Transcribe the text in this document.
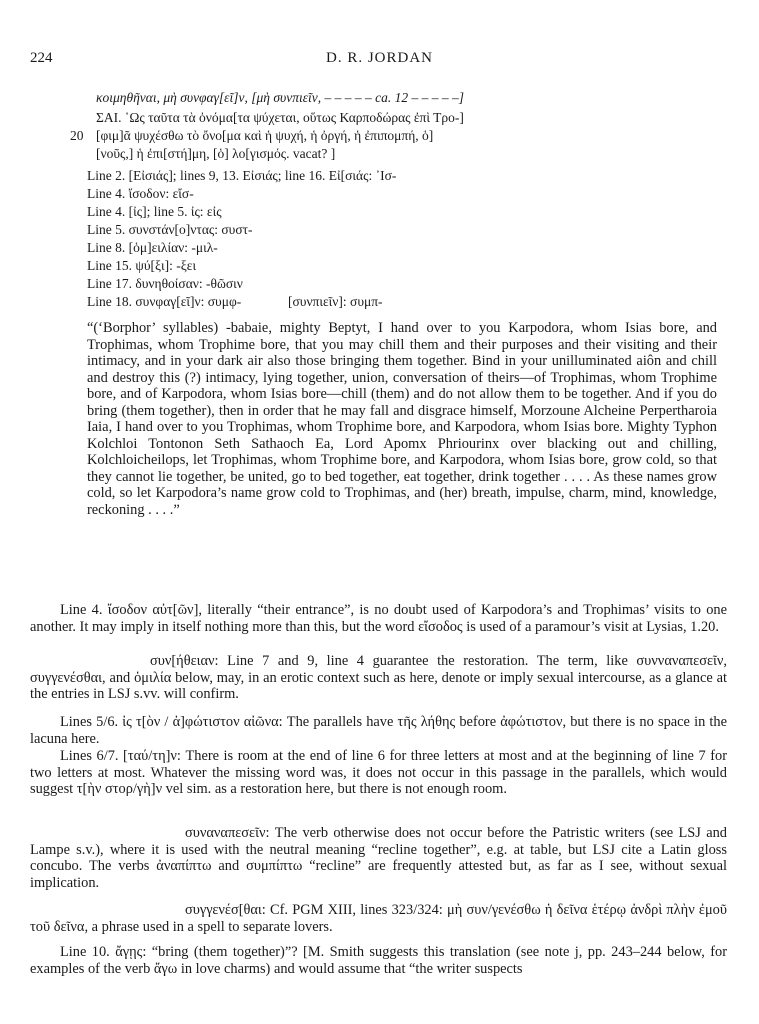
224	D. R. JORDAN
κοιμηθῆναι, μὴ συνφαγ[εῖ]ν, [μὴ συνπιεῖν, – – – – – ca. 12 – – – – –]
ΣΑΙ. ῾Ως ταῦτα τὰ ὀνόμα[τα ψύχεται, οὕτως Καρποδώρας ἐπὶ Τρο-]
20 [φιμ]ᾶ ψυχέσθω τὸ ὄνο[μα καὶ ἡ ψυχή, ἡ ὀργή, ἡ ἐπιπομπή, ὁ]
[νοῦς,] ἡ ἐπι[στή]μη, [ὁ] λο[γισμός. vacat? ]
Line 2. [Εἰσιάς]; lines 9, 13. Εἰσιάς; line 16. Εἰ[σιάς: ᾿Ισ-
Line 4. ἴσοδον: εἴσ-
Line 4. [ἰς]; line 5. ἰς: εἰς
Line 5. συνστάν[ο]ντας: συστ-
Line 8. [ὁμ]ειλίαν: -μιλ-
Line 15. ψύ[ξι]: -ξει
Line 17. δυνηθοίσαν: -θῶσιν
Line 18. συνφαγ[εῖ]ν: συμφ-	[συνπιεῖν]: συμπ-

“(‘Borphor’ syllables) -babaie, mighty Beptyt, I hand over to you Karpodora, whom Isias bore, and Trophimas, whom Trophime bore, that you may chill them and their purposes and their visiting and their intimacy, and in your dark air also those bringing them together. Bind in your unilluminated aiôn and chill and destroy this (?) intimacy, lying together, union, conversation of theirs—of Trophimas, whom Trophime bore, and of Karpodora, whom Isias bore—chill (them) and do not allow them to be together. And if you do bring (them together), then in order that he may fall and disgrace himself, Morzoune Alcheine Perpertharoia Iaia, I hand over to you Trophimas, whom Trophime bore, and Karpodora, whom Isias bore. Mighty Typhon Kolchloi Tontonon Seth Sathaoch Ea, Lord Apomx Phriourinx over blacking out and chilling, Kolchloicheilops, let Trophimas, whom Trophime bore, and Karpodora, whom Isias bore, grow cold, so that they cannot lie together, be united, go to bed together, eat together, drink together . . . . As these names grow cold, so let Karpodora’s name grow cold to Trophimas, and (her) breath, impulse, charm, mind, knowledge, reckoning . . . .”

Line 4. ἴσοδον αὐτ[ῶν], literally “their entrance”, is no doubt used of Karpodora’s and Trophimas’ visits to one another. It may imply in itself nothing more than this, but the word εἴσοδος is used of a paramour’s visit at Lysias, 1.20.

συν[ήθειαν: Line 7 and 9, line 4 guarantee the restoration. The term, like συνναναπεσεῖν, συγγενέσθαι, and ὁμιλία below, may, in an erotic context such as here, denote or imply sexual intercourse, as a glance at the entries in LSJ s.vv. will confirm.

Lines 5/6. ἰς τ[ὸν / ἀ]φώτιστον αἰῶνα: The parallels have τῆς λήθης before ἀφώτιστον, but there is no space in the lacuna here.

Lines 6/7. [ταύ/τη]ν: There is room at the end of line 6 for three letters at most and at the beginning of line 7 for two letters at most. Whatever the missing word was, it does not occur in this passage in the parallels, which would suggest τ[ὴν στορ/γὴ]ν vel sim. as a restoration here, but there is not enough room.

συναναπεσεῖν: The verb otherwise does not occur before the Patristic writers (see LSJ and Lampe s.v.), where it is used with the neutral meaning “recline together”, e.g. at table, but LSJ cite a Latin gloss concubo. The verbs ἀναπίπτω and συμπίπτω “recline” are frequently attested but, as far as I see, without sexual implication.

συγγενέσ[θαι: Cf. PGM XIII, lines 323/324: μὴ συν/γενέσθω ἡ δεῖνα ἑτέρῳ ἀνδρὶ πλὴν ἐμοῦ τοῦ δεῖνα, a phrase used in a spell to separate lovers.

Line 10. ἄγῃς: “bring (them together)”? [M. Smith suggests this translation (see note j, pp. 243–244 below, for examples of the verb ἄγω in love charms) and would assume that “the writer suspects
